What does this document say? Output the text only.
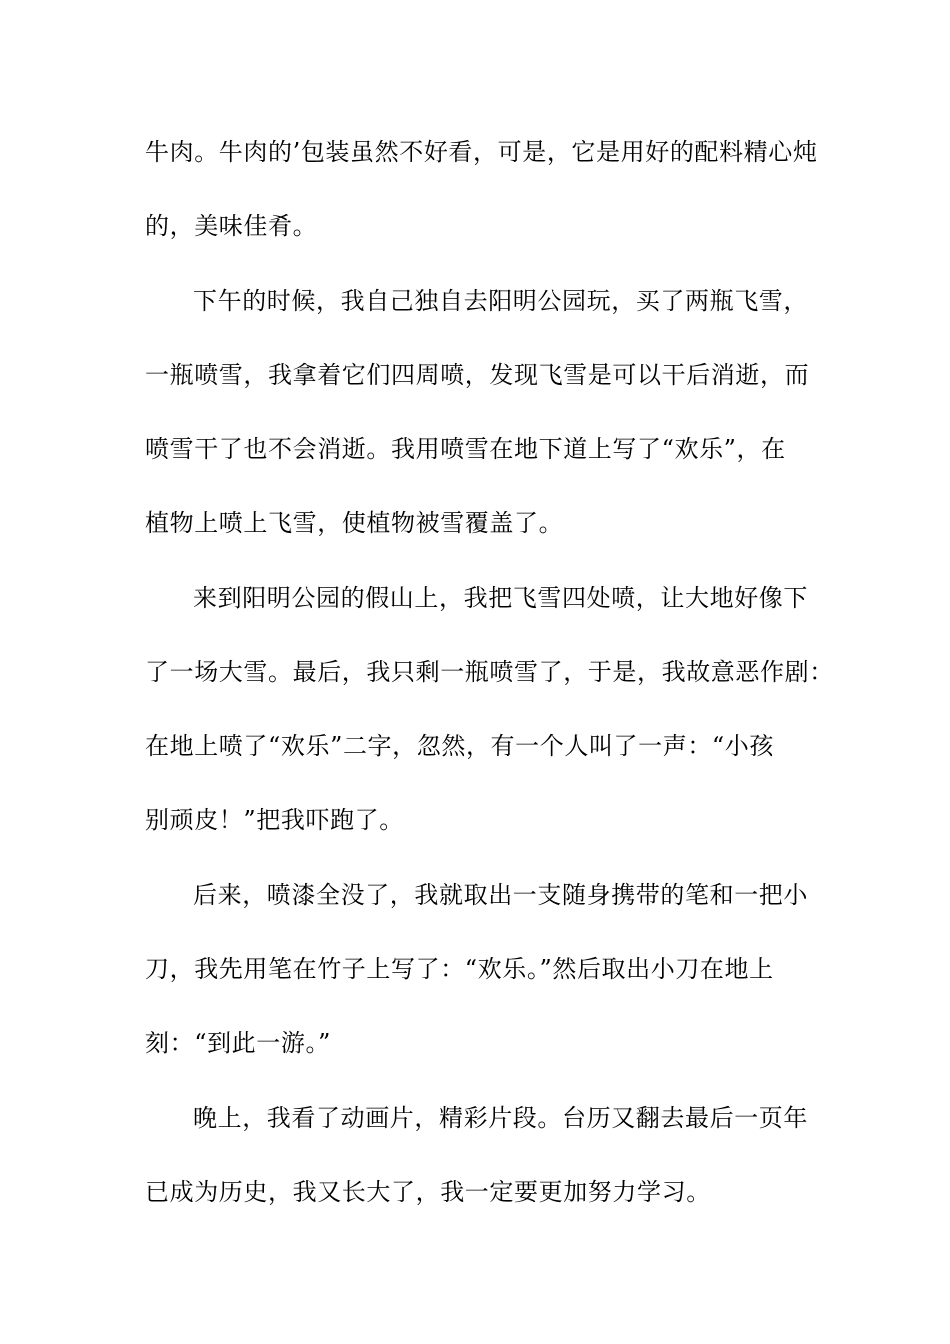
牛肉。牛肉的’包装虽然不好看，可是，它是用好的配料精心炖

的，美味佳肴。

下午的时候，我自己独自去阳明公园玩，买了两瓶飞雪，

一瓶喷雪，我拿着它们四周喷，发现飞雪是可以干后消逝，而

喷雪干了也不会消逝。我用喷雪在地下道上写了“欢乐”，在

植物上喷上飞雪，使植物被雪覆盖了。

来到阳明公园的假山上，我把飞雪四处喷，让大地好像下

了一场大雪。最后，我只剩一瓶喷雪了，于是，我故意恶作剧：

在地上喷了“欢乐”二字，忽然，有一个人叫了一声：“小孩

别顽皮！”把我吓跑了。

后来，喷漆全没了，我就取出一支随身携带的笔和一把小

刀，我先用笔在竹子上写了：“欢乐。”然后取出小刀在地上

刻：“到此一游。”

晚上，我看了动画片，精彩片段。台历又翻去最后一页年

已成为历史，我又长大了，我一定要更加努力学习。
